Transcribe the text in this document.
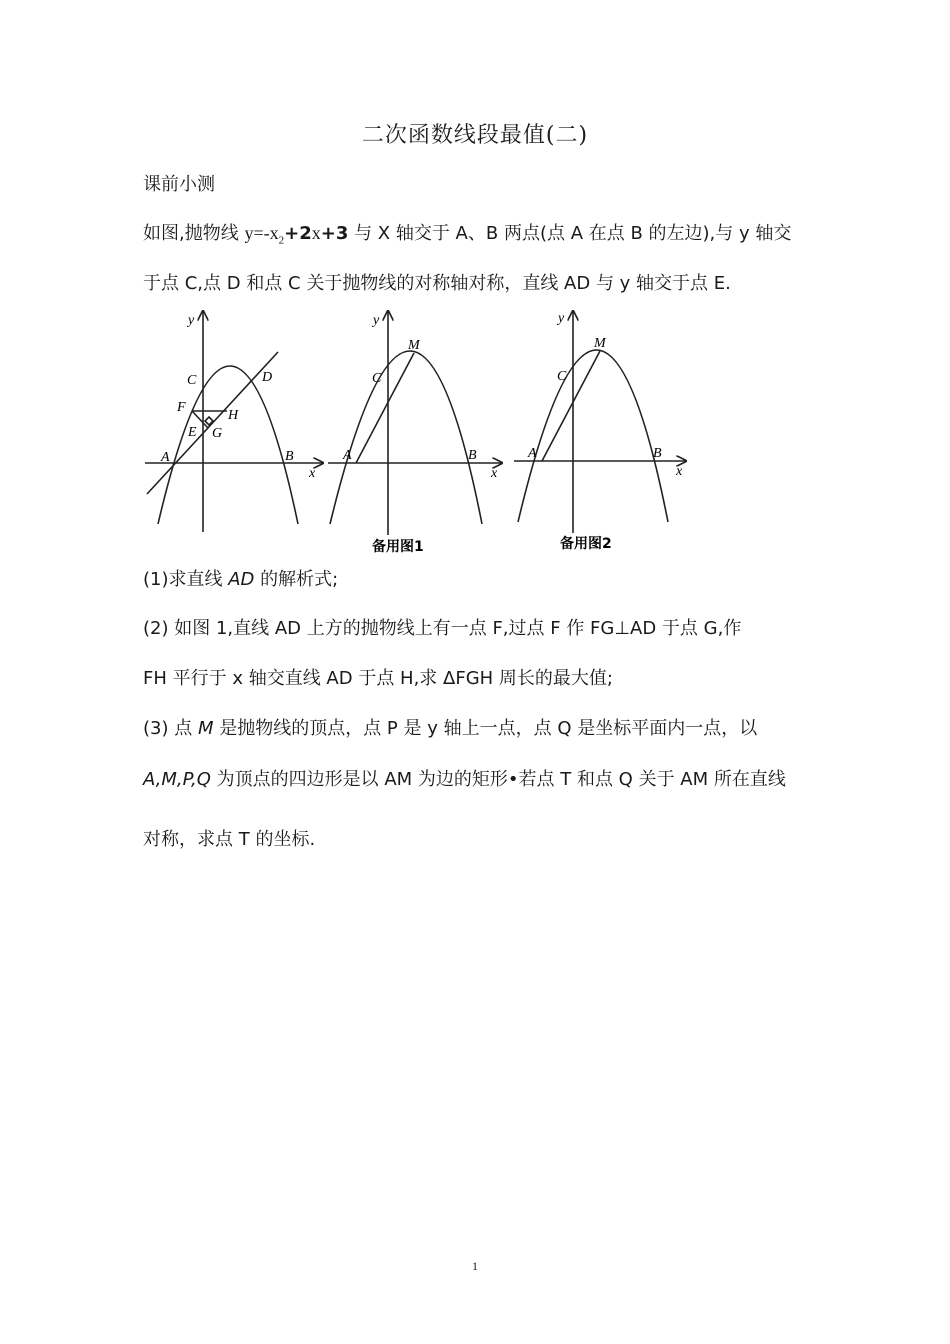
二次函数线段最值(二)
课前小测
如图,抛物线 $y=-x_2+2x+3$ 与 X 轴交于 A、B 两点(点 A 在点 B 的左边),与 y 轴交
于点 C,点 D 和点 C 关于抛物线的对称轴对称，直线 AD 与 y 轴交于点 E.
y
x
A	B
C	D
E
F
G
H
y
x
A	B
C
M
备用图1
y
x
A	B
C
M
备用图2
(1)求直线 AD 的解析式;
(2) 如图 1,直线 AD 上方的抛物线上有一点 F,过点 F 作 FG⊥AD 于点 G,作
FH 平行于 x 轴交直线 AD 于点 H,求 ΔFGH 周长的最大值;
(3) 点 M 是抛物线的顶点，点 P 是 y 轴上一点，点 Q 是坐标平面内一点，以
A,M,P,Q 为顶点的四边形是以 AM 为边的矩形•若点 T 和点 Q 关于 AM 所在直线
对称，求点 T 的坐标.
1
